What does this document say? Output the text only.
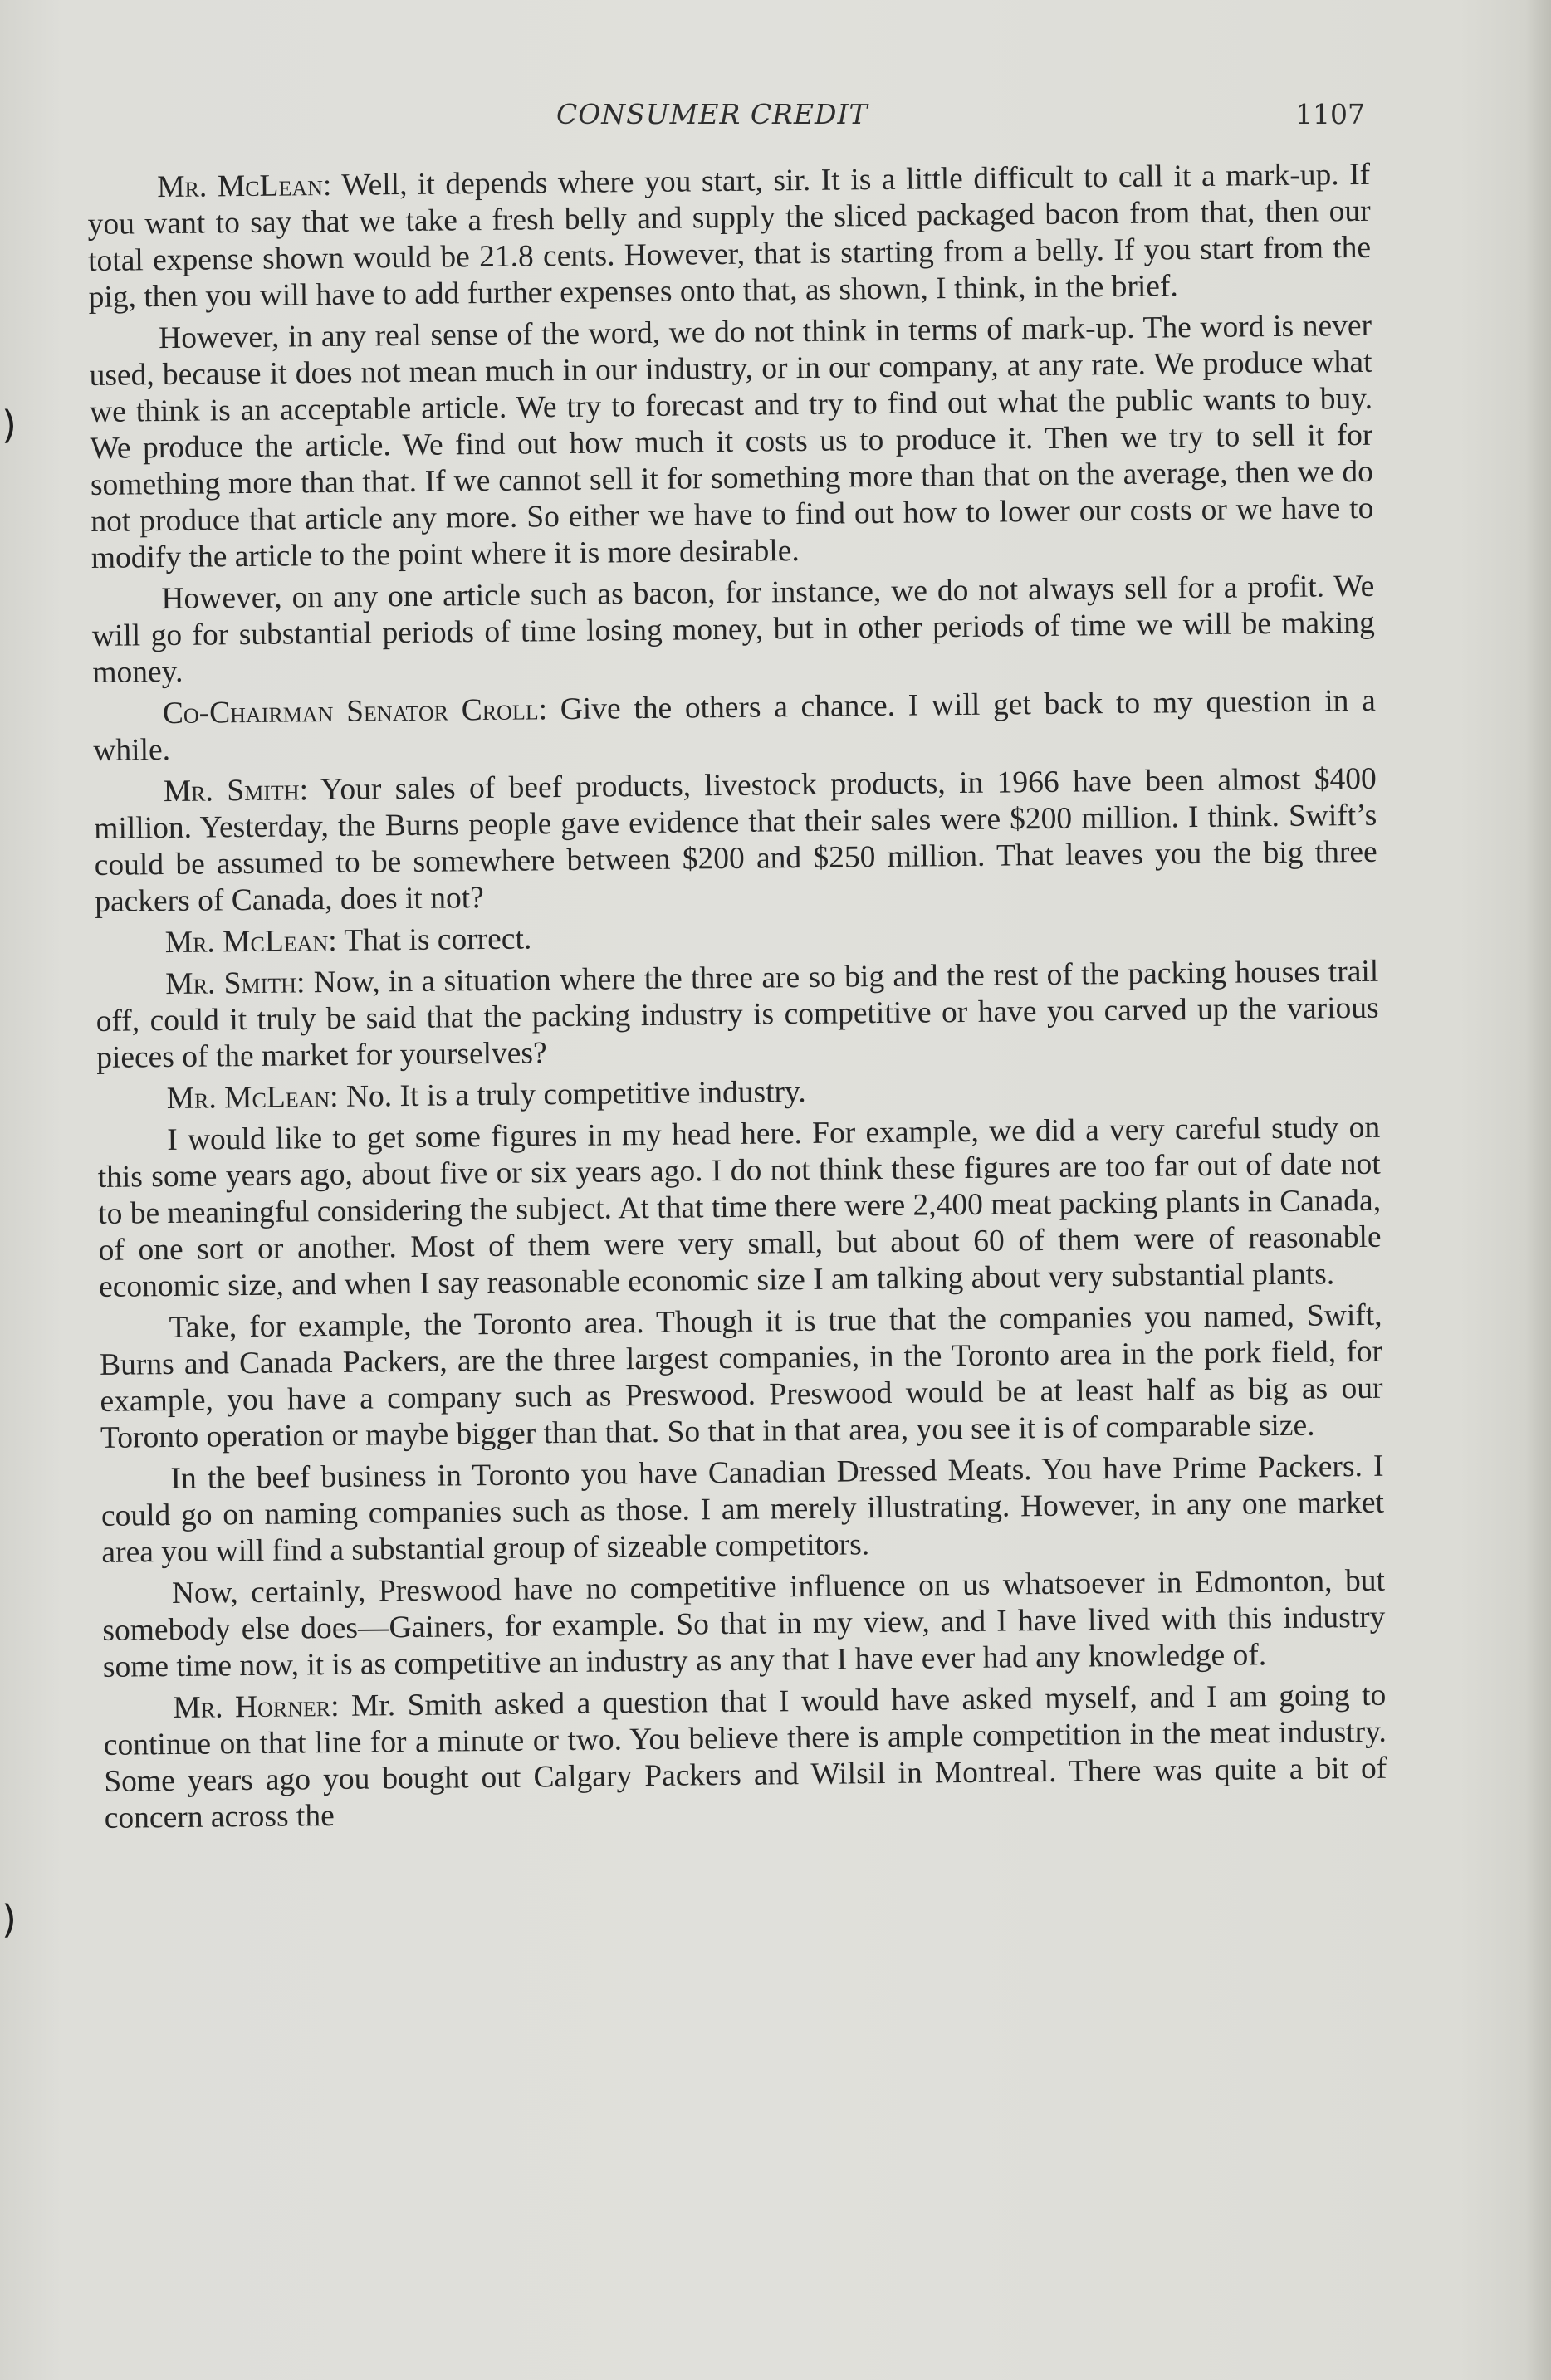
CONSUMER CREDIT	1107
)
)

Mr. McLean: Well, it depends where you start, sir. It is a little difficult to call it a mark-up. If you want to say that we take a fresh belly and supply the sliced packaged bacon from that, then our total expense shown would be 21.8 cents. However, that is starting from a belly. If you start from the pig, then you will have to add further expenses onto that, as shown, I think, in the brief.

However, in any real sense of the word, we do not think in terms of mark-up. The word is never used, because it does not mean much in our industry, or in our company, at any rate. We produce what we think is an acceptable article. We try to forecast and try to find out what the public wants to buy. We produce the article. We find out how much it costs us to produce it. Then we try to sell it for something more than that. If we cannot sell it for something more than that on the average, then we do not produce that article any more. So either we have to find out how to lower our costs or we have to modify the article to the point where it is more desirable.

However, on any one article such as bacon, for instance, we do not always sell for a profit. We will go for substantial periods of time losing money, but in other periods of time we will be making money.

Co-Chairman Senator Croll: Give the others a chance. I will get back to my question in a while.

Mr. Smith: Your sales of beef products, livestock products, in 1966 have been almost $400 million. Yesterday, the Burns people gave evidence that their sales were $200 million. I think. Swift’s could be assumed to be somewhere between $200 and $250 million. That leaves you the big three packers of Canada, does it not?

Mr. McLean: That is correct.

Mr. Smith: Now, in a situation where the three are so big and the rest of the packing houses trail off, could it truly be said that the packing industry is competitive or have you carved up the various pieces of the market for yourselves?

Mr. McLean: No. It is a truly competitive industry.

I would like to get some figures in my head here. For example, we did a very careful study on this some years ago, about five or six years ago. I do not think these figures are too far out of date not to be meaningful considering the subject. At that time there were 2,400 meat packing plants in Canada, of one sort or another. Most of them were very small, but about 60 of them were of reasonable economic size, and when I say reasonable economic size I am talking about very substantial plants.

Take, for example, the Toronto area. Though it is true that the companies you named, Swift, Burns and Canada Packers, are the three largest companies, in the Toronto area in the pork field, for example, you have a company such as Preswood. Preswood would be at least half as big as our Toronto operation or maybe bigger than that. So that in that area, you see it is of comparable size.

In the beef business in Toronto you have Canadian Dressed Meats. You have Prime Packers. I could go on naming companies such as those. I am merely illustrating. However, in any one market area you will find a substantial group of sizeable competitors.

Now, certainly, Preswood have no competitive influence on us whatsoever in Edmonton, but somebody else does—Gainers, for example. So that in my view, and I have lived with this industry some time now, it is as competitive an industry as any that I have ever had any knowledge of.

Mr. Horner: Mr. Smith asked a question that I would have asked myself, and I am going to continue on that line for a minute or two. You believe there is ample competition in the meat industry. Some years ago you bought out Calgary Packers and Wilsil in Montreal. There was quite a bit of concern across the
